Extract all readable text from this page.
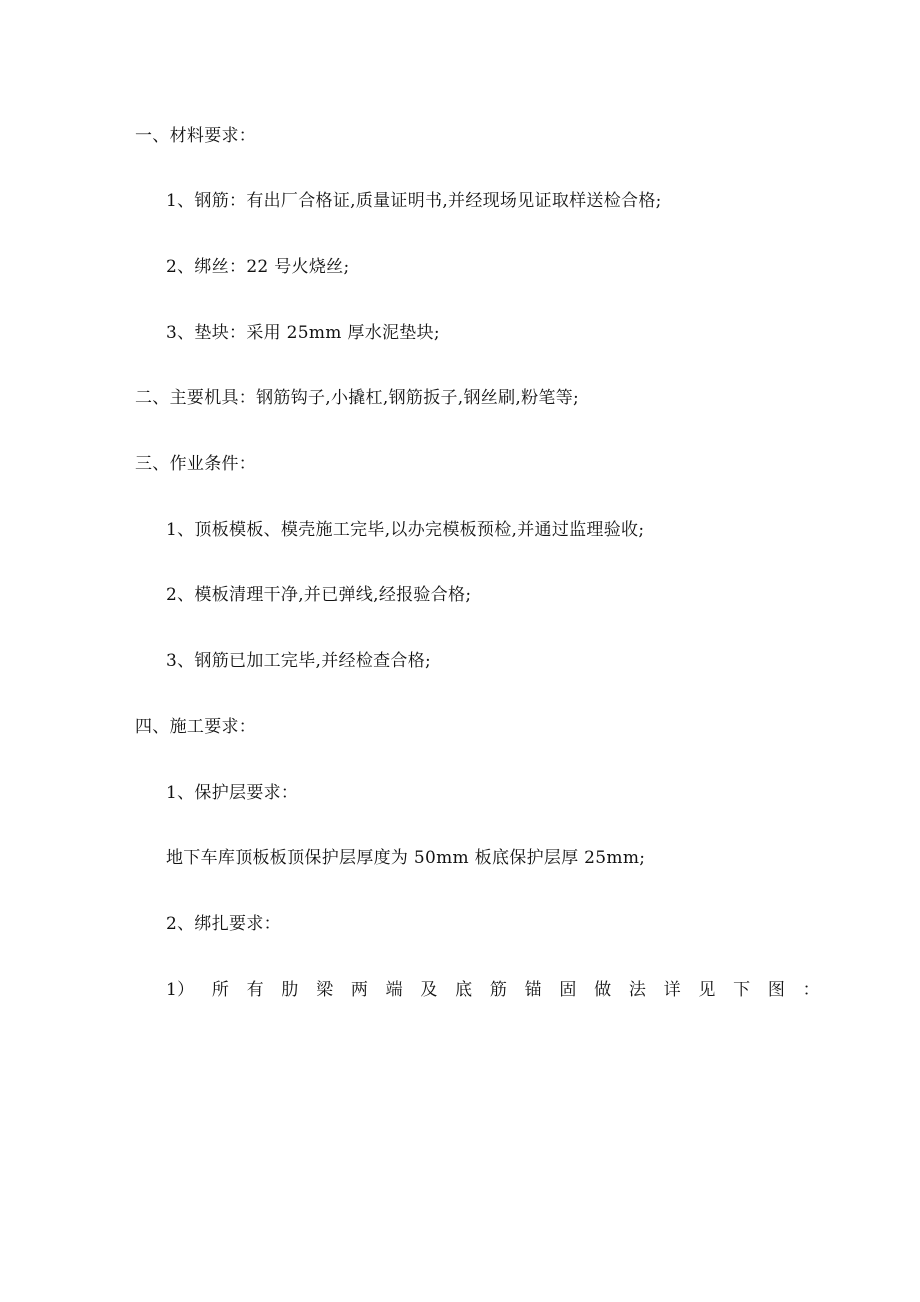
一、材料要求：
1、钢筋：有出厂合格证,质量证明书,并经现场见证取样送检合格;
2、绑丝：22 号火烧丝;
3、垫块：采用 25mm 厚水泥垫块;
二、主要机具：钢筋钩子,小撬杠,钢筋扳子,钢丝刷,粉笔等;
三、作业条件：
1、顶板模板、模壳施工完毕,以办完模板预检,并通过监理验收;
2、模板清理干净,并已弹线,经报验合格;
3、钢筋已加工完毕,并经检查合格;
四、施工要求：
1、保护层要求：
地下车库顶板板顶保护层厚度为 50mm 板底保护层厚 25mm;
2、绑扎要求：
1） 所 有 肋 梁 两 端 及 底 筋 锚 固 做 法 详 见 下 图 ：
